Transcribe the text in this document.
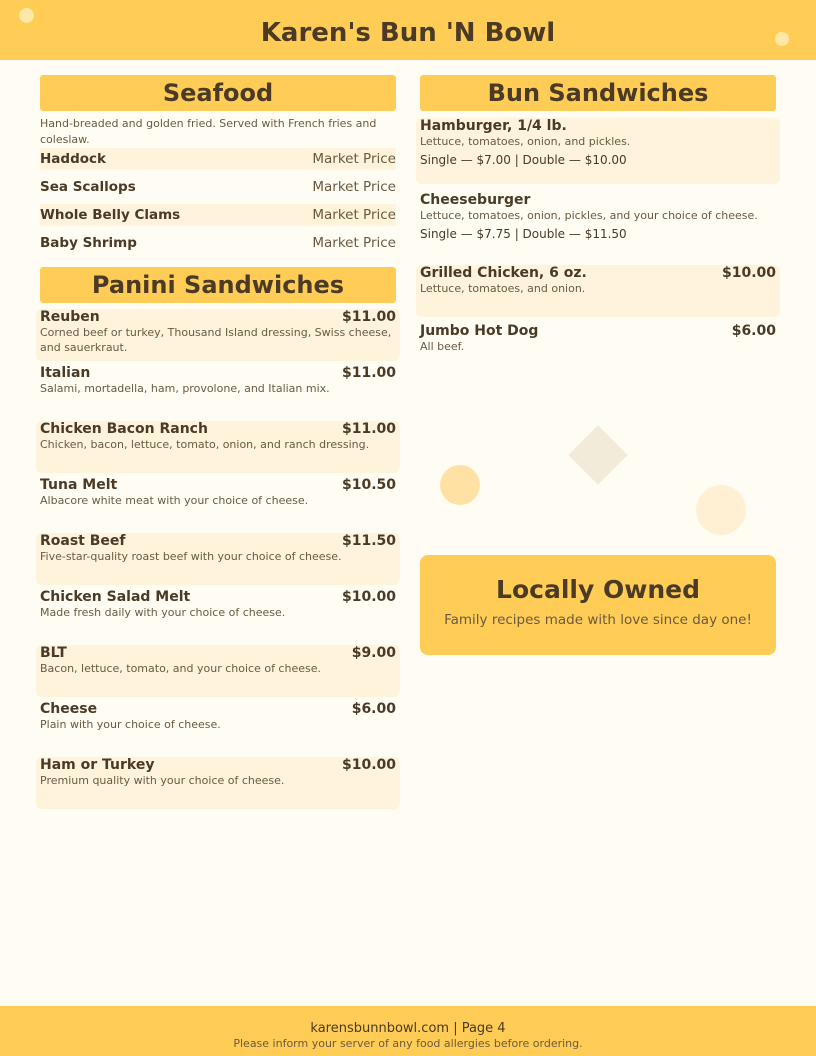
Karen's Bun 'N Bowl
Seafood
Hand-breaded and golden fried. Served with French fries and coleslaw.
Haddock	Market Price
Sea Scallops	Market Price
Whole Belly Clams	Market Price
Baby Shrimp	Market Price
Panini Sandwiches
Reuben	$11.00
Corned beef or turkey, Thousand Island dressing, Swiss cheese, and sauerkraut.
Italian	$11.00
Salami, mortadella, ham, provolone, and Italian mix.
Chicken Bacon Ranch	$11.00
Chicken, bacon, lettuce, tomato, onion, and ranch dressing.
Tuna Melt	$10.50
Albacore white meat with your choice of cheese.
Roast Beef	$11.50
Five-star-quality roast beef with your choice of cheese.
Chicken Salad Melt	$10.00
Made fresh daily with your choice of cheese.
BLT	$9.00
Bacon, lettuce, tomato, and your choice of cheese.
Cheese	$6.00
Plain with your choice of cheese.
Ham or Turkey	$10.00
Premium quality with your choice of cheese.
Bun Sandwiches
Hamburger, 1/4 lb.
Lettuce, tomatoes, onion, and pickles.
Single — $7.00 | Double — $10.00
Cheeseburger
Lettuce, tomatoes, onion, pickles, and your choice of cheese.
Single — $7.75 | Double — $11.50
Grilled Chicken, 6 oz.	$10.00
Lettuce, tomatoes, and onion.
Jumbo Hot Dog	$6.00
All beef.
Locally Owned
Family recipes made with love since day one!
karensbunnbowl.com | Page 4
Please inform your server of any food allergies before ordering.
